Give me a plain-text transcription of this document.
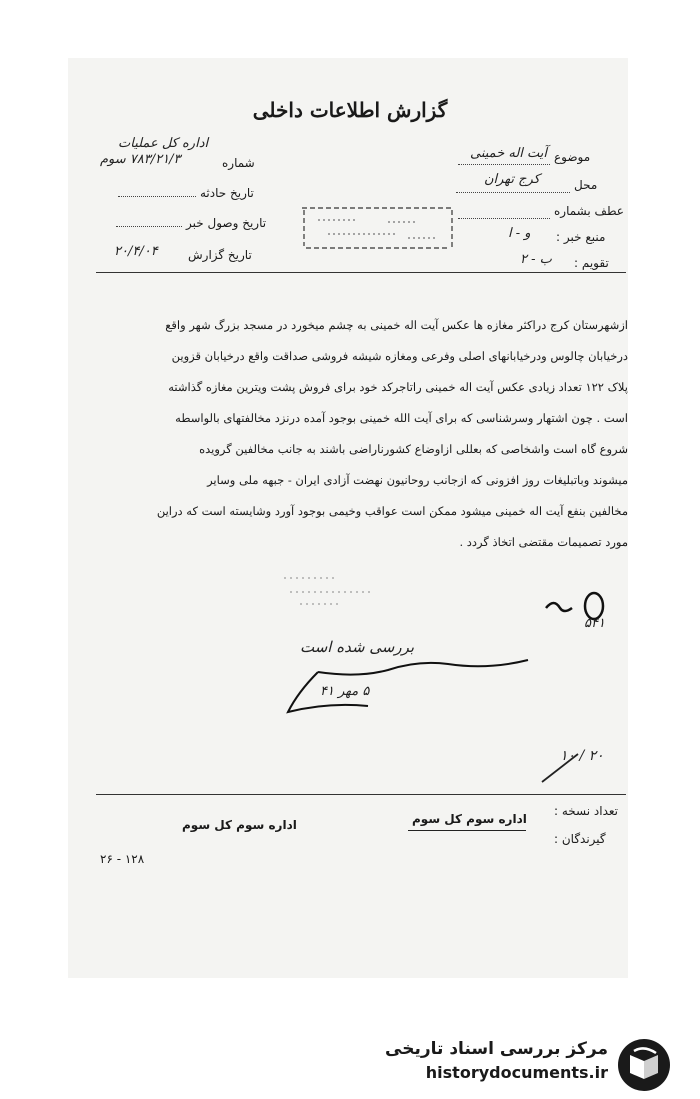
گزارش اطلاعات داخلی
اداره کل عملیات
شماره
۷۸۳/۲۱/۳ سوم
تاریخ حادثه
تاریخ وصول خبر
تاریخ گزارش
۲۰/۴/۰۴
موضوع
آیت اله خمینی
محل
کرج تهران
عطف بشماره
منبع خبر :
و - ا
تقویم :
ب - ۲

ازشهرستان کرج دراکثر مغازه ها عکس آیت اله خمینی به چشم میخورد در مسجد بزرگ شهر واقع

درخیابان چالوس ودرخیابانهای اصلی وفرعی ومغازه شیشه فروشی صداقت واقع درخیابان قزوین

پلاک ۱۲۲ تعداد زیادی عکس آیت اله خمینی راتاجرکد خود برای فروش پشت ویترین مغازه گذاشته

است . چون اشتهار وسرشناسی که برای آیت الله خمینی بوجود آمده درنزد مخالفتهای بالواسطه

شروع گاه است واشخاصی که بعللی ازاوضاع کشورناراضی باشند به جانب مخالفین گرویده

میشوند وباتبلیغات روز افزونی که ازجانب روحانیون نهضت آزادی ایران - جبهه ملی وسایر

مخالفین بنفع آیت اله خمینی میشود ممکن است عواقب وخیمی بوجود آورد وشایسته است که دراین

مورد تصمیمات مقتضی اتخاذ گردد .

۵۴۱
بررسی شده است
۵ مهر ۴۱
۱۰ / ۲۰
تعداد نسخه :
گیرندگان :
اداره سوم کل سوم
اداره سوم کل سوم
۲۶ - ۱۲۸
مرکز بررسی اسناد تاریخی
historydocuments.ir
